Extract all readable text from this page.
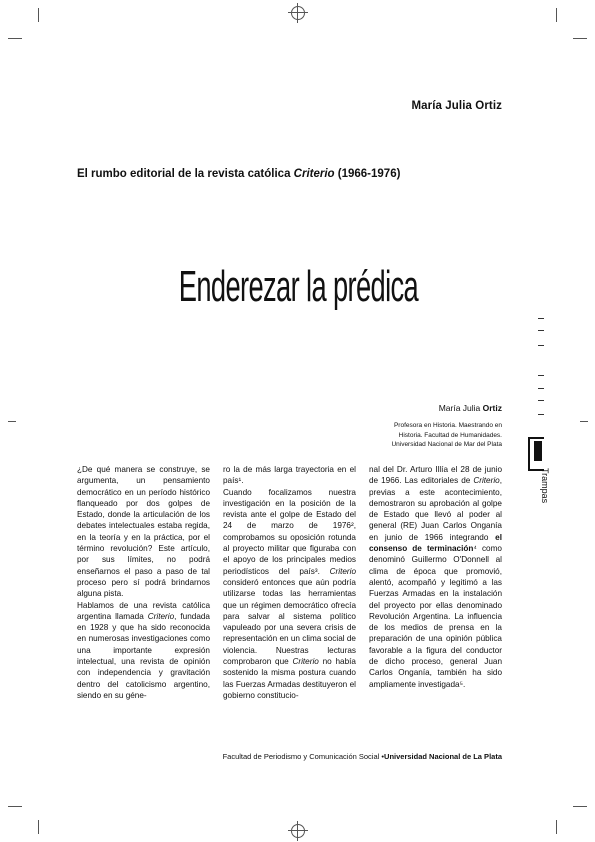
María Julia Ortiz
El rumbo editorial de la revista católica Criterio (1966-1976)
Enderezar la prédica
María Julia Ortiz
Profesora en Historia. Maestrando en
Historia. Facultad de Humanidades.
Universidad Nacional de Mar del Plata

¿De qué manera se construye, se argumenta, un pensamiento democrático en un período histórico flanqueado por dos golpes de Estado, donde la articulación de los debates intelectuales estaba regida, en la teoría y en la práctica, por el término revolución? Este artículo, por sus límites, no podrá enseñarnos el paso a paso de tal proceso pero sí podrá brindarnos alguna pista.

Hablamos de una revista católica argentina llamada Criterio, fundada en 1928 y que ha sido reconocida en numerosas investigaciones como una importante expresión intelectual, una revista de opinión con independencia y gravitación dentro del catolicismo argentino, siendo en su géne-

ro la de más larga trayectoria en el país¹.

Cuando focalizamos nuestra investigación en la posición de la revista ante el golpe de Estado del 24 de marzo de 1976², comprobamos su oposición rotunda al proyecto militar que figuraba con el apoyo de los principales medios periodísticos del país³. Criterio consideró entonces que aún podría utilizarse todas las herramientas que un régimen democrático ofrecía para salvar al sistema político vapuleado por una severa crisis de representación en un clima social de violencia. Nuestras lecturas comprobaron que Criterio no había sostenido la misma postura cuando las Fuerzas Armadas destituyeron el gobierno constitucio-

nal del Dr. Arturo Illía el 28 de junio de 1966. Las editoriales de Criterio, previas a este acontecimiento, demostraron su aprobación al golpe de Estado que llevó al poder al general (RE) Juan Carlos Onganía en junio de 1966 integrando el consenso de terminación⁴ como denominó Guillermo O'Donnell al clima de época que promovió, alentó, acompañó y legitimó a las Fuerzas Armadas en la instalación del proyecto por ellas denominado Revolución Argentina. La influencia de los medios de prensa en la preparación de una opinión pública favorable a la figura del conductor de dicho proceso, general Juan Carlos Onganía, también ha sido ampliamente investigada⁵.

Facultad de Periodismo y Comunicación Social •Universidad Nacional de La Plata
Trampas
